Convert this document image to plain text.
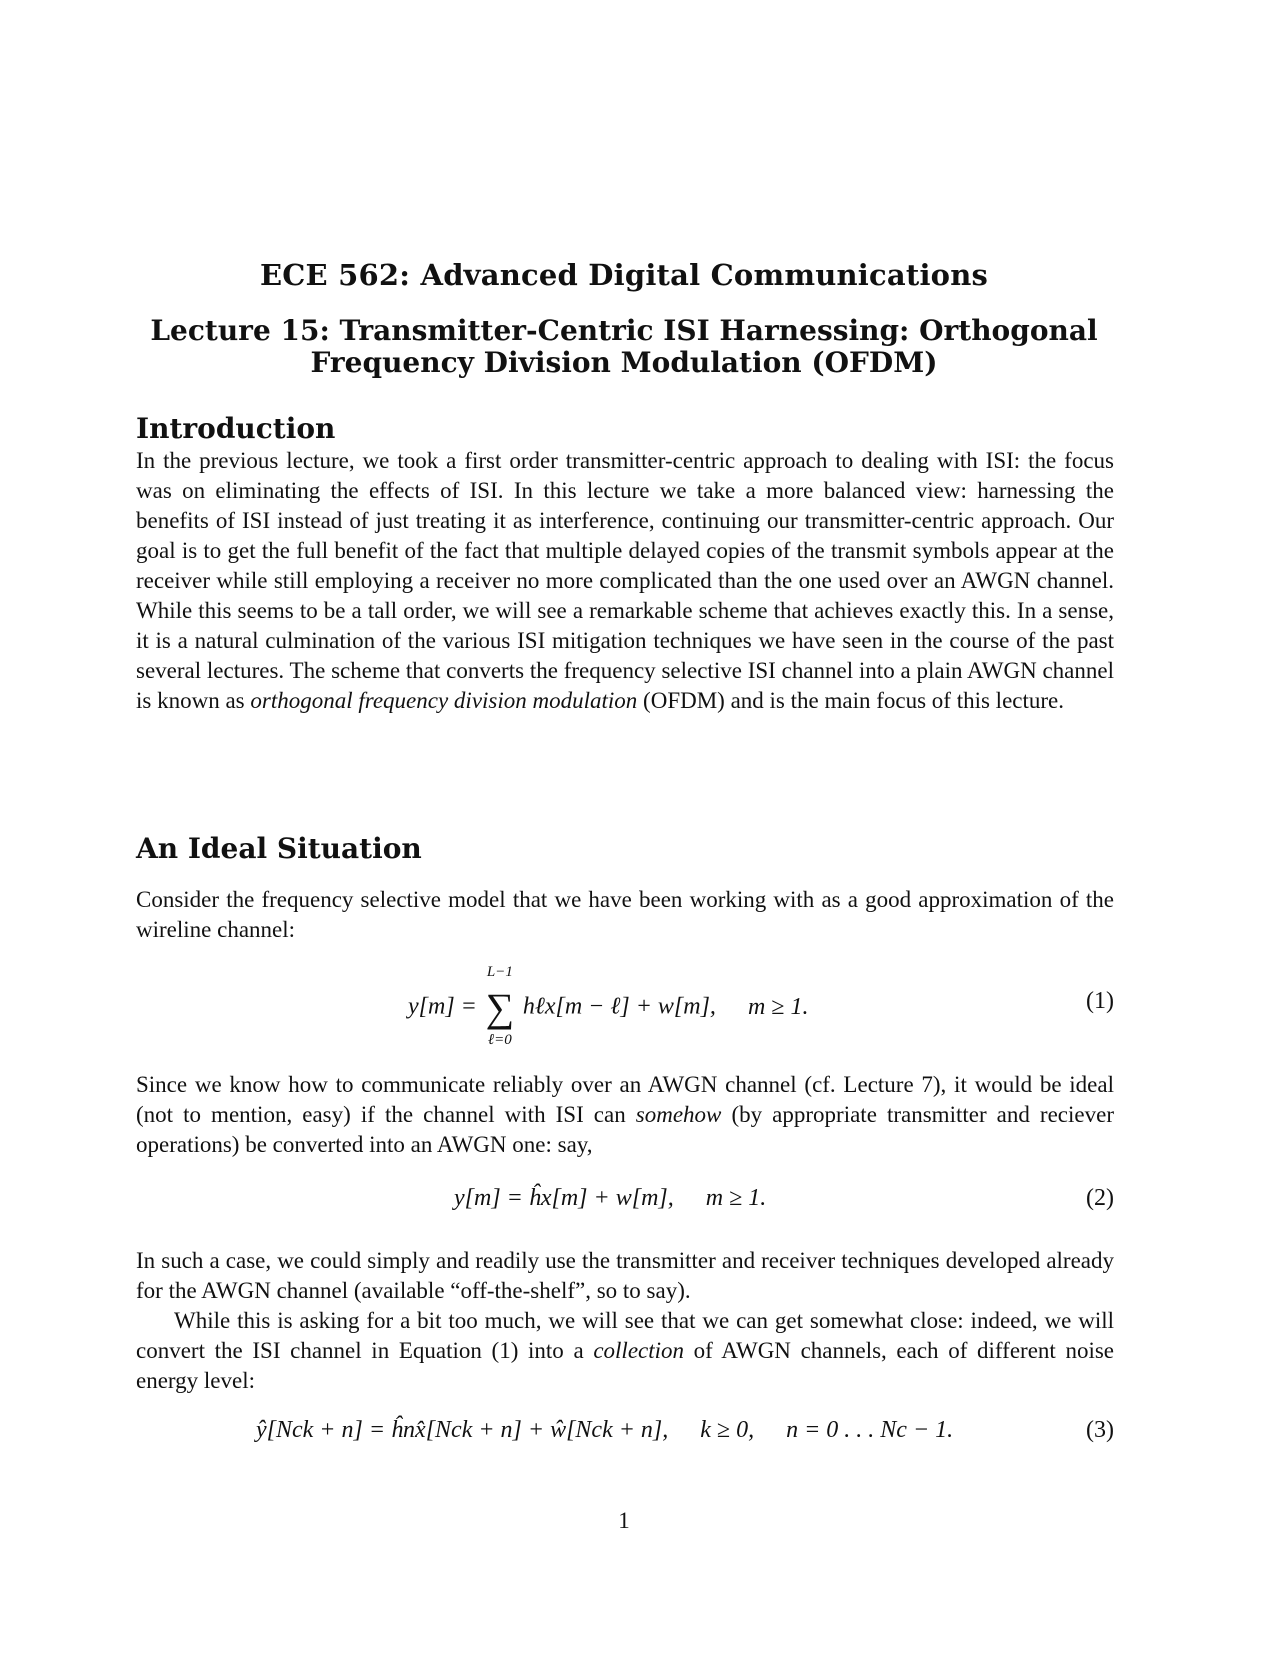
ECE 562: Advanced Digital Communications
Lecture 15: Transmitter-Centric ISI Harnessing: Orthogonal Frequency Division Modulation (OFDM)
Introduction

In the previous lecture, we took a first order transmitter-centric approach to dealing with ISI: the focus was on eliminating the effects of ISI. In this lecture we take a more balanced view: harnessing the benefits of ISI instead of just treating it as interference, continuing our transmitter-centric approach. Our goal is to get the full benefit of the fact that multiple delayed copies of the transmit symbols appear at the receiver while still employing a receiver no more complicated than the one used over an AWGN channel. While this seems to be a tall order, we will see a remarkable scheme that achieves exactly this. In a sense, it is a natural culmination of the various ISI mitigation techniques we have seen in the course of the past several lectures. The scheme that converts the frequency selective ISI channel into a plain AWGN channel is known as orthogonal frequency division modulation (OFDM) and is the main focus of this lecture.

An Ideal Situation

Consider the frequency selective model that we have been working with as a good approximation of the wireline channel:

y[m] =
L−1
∑
ℓ=0
hℓx[m − ℓ] + w[m], m ≥ 1.	(1)

Since we know how to communicate reliably over an AWGN channel (cf. Lecture 7), it would be ideal (not to mention, easy) if the channel with ISI can somehow (by appropriate transmitter and reciever operations) be converted into an AWGN one: say,

y[m] = ĥx[m] + w[m], m ≥ 1.	(2)

In such a case, we could simply and readily use the transmitter and receiver techniques developed already for the AWGN channel (available “off-the-shelf”, so to say).

While this is asking for a bit too much, we will see that we can get somewhat close: indeed, we will convert the ISI channel in Equation (1) into a collection of AWGN channels, each of different noise energy level:

ŷ[Nck + n] = ĥnx̂[Nck + n] + ŵ[Nck + n], k ≥ 0, n = 0 . . . Nc − 1.	(3)
1
